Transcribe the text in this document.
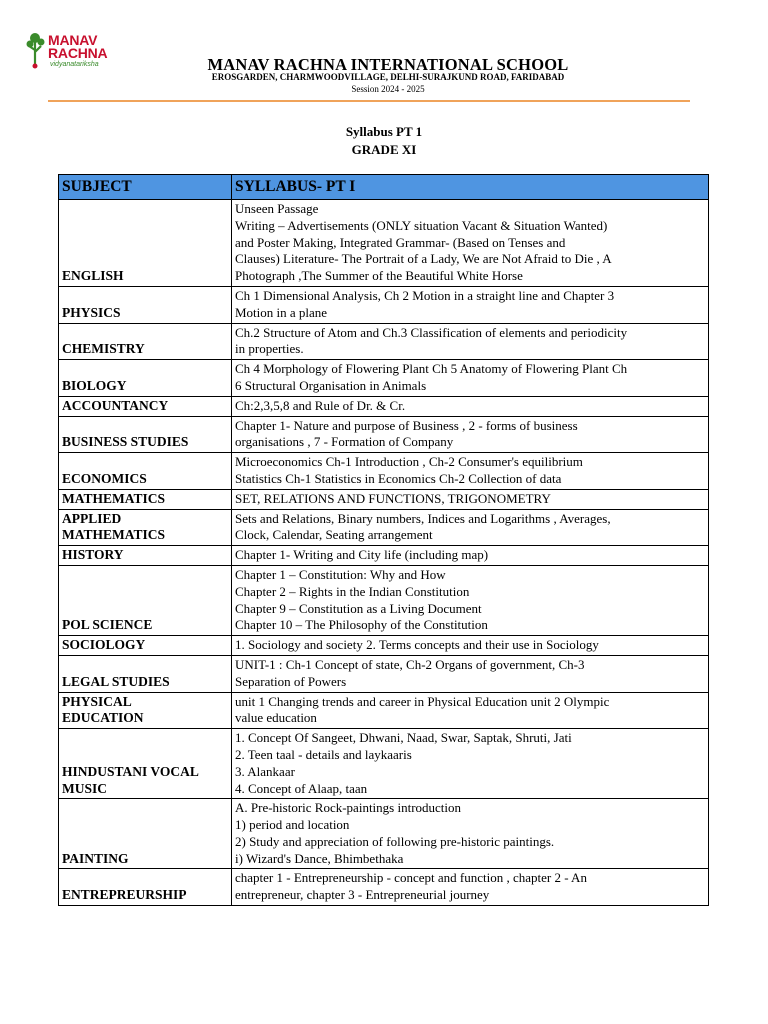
MANAV
RACHNA
vidyanatariksha	MANAV RACHNA INTERNATIONAL SCHOOL
EROSGARDEN, CHARMWOODVILLAGE, DELHI-SURAJKUND ROAD, FARIDABAD
Session 2024 - 2025
Syllabus PT 1
GRADE XI
SUBJECT	SYLLABUS- PT I
ENGLISH	Unseen Passage
Writing – Advertisements (ONLY situation Vacant & Situation Wanted)
and Poster Making, Integrated Grammar- (Based on Tenses and
Clauses) Literature- The Portrait of a Lady, We are Not Afraid to Die , A
Photograph ,The Summer of the Beautiful White Horse
PHYSICS	Ch 1 Dimensional Analysis, Ch 2 Motion in a straight line and Chapter 3
Motion in a plane
CHEMISTRY	Ch.2 Structure of Atom and Ch.3 Classification of elements and periodicity
in properties.
BIOLOGY	Ch 4 Morphology of Flowering Plant Ch 5 Anatomy of Flowering Plant Ch
6 Structural Organisation in Animals
ACCOUNTANCY	Ch:2,3,5,8 and Rule of Dr. & Cr.
BUSINESS STUDIES	Chapter 1- Nature and purpose of Business , 2 - forms of business
organisations , 7 - Formation of Company
ECONOMICS	Microeconomics Ch-1 Introduction , Ch-2 Consumer's equilibrium
Statistics Ch-1 Statistics in Economics Ch-2 Collection of data
MATHEMATICS	SET, RELATIONS AND FUNCTIONS, TRIGONOMETRY
APPLIED
MATHEMATICS	Sets and Relations, Binary numbers, Indices and Logarithms , Averages,
Clock, Calendar, Seating arrangement
HISTORY	Chapter 1- Writing and City life (including map)
POL SCIENCE	Chapter 1 – Constitution: Why and How
Chapter 2 – Rights in the Indian Constitution
Chapter 9 – Constitution as a Living Document
Chapter 10 – The Philosophy of the Constitution
SOCIOLOGY	1. Sociology and society 2. Terms concepts and their use in Sociology
LEGAL STUDIES	UNIT-1 : Ch-1 Concept of state, Ch-2 Organs of government, Ch-3
Separation of Powers
PHYSICAL
EDUCATION	unit 1 Changing trends and career in Physical Education unit 2 Olympic
value education
HINDUSTANI VOCAL
MUSIC	1. Concept Of Sangeet, Dhwani, Naad, Swar, Saptak, Shruti, Jati
2. Teen taal - details and laykaaris
3. Alankaar
4. Concept of Alaap, taan
PAINTING	A. Pre-historic Rock-paintings introduction
1) period and location
2) Study and appreciation of following pre-historic paintings.
i) Wizard's Dance, Bhimbethaka
ENTREPREURSHIP	chapter 1 - Entrepreneurship - concept and function , chapter 2 - An
entrepreneur, chapter 3 - Entrepreneurial journey
